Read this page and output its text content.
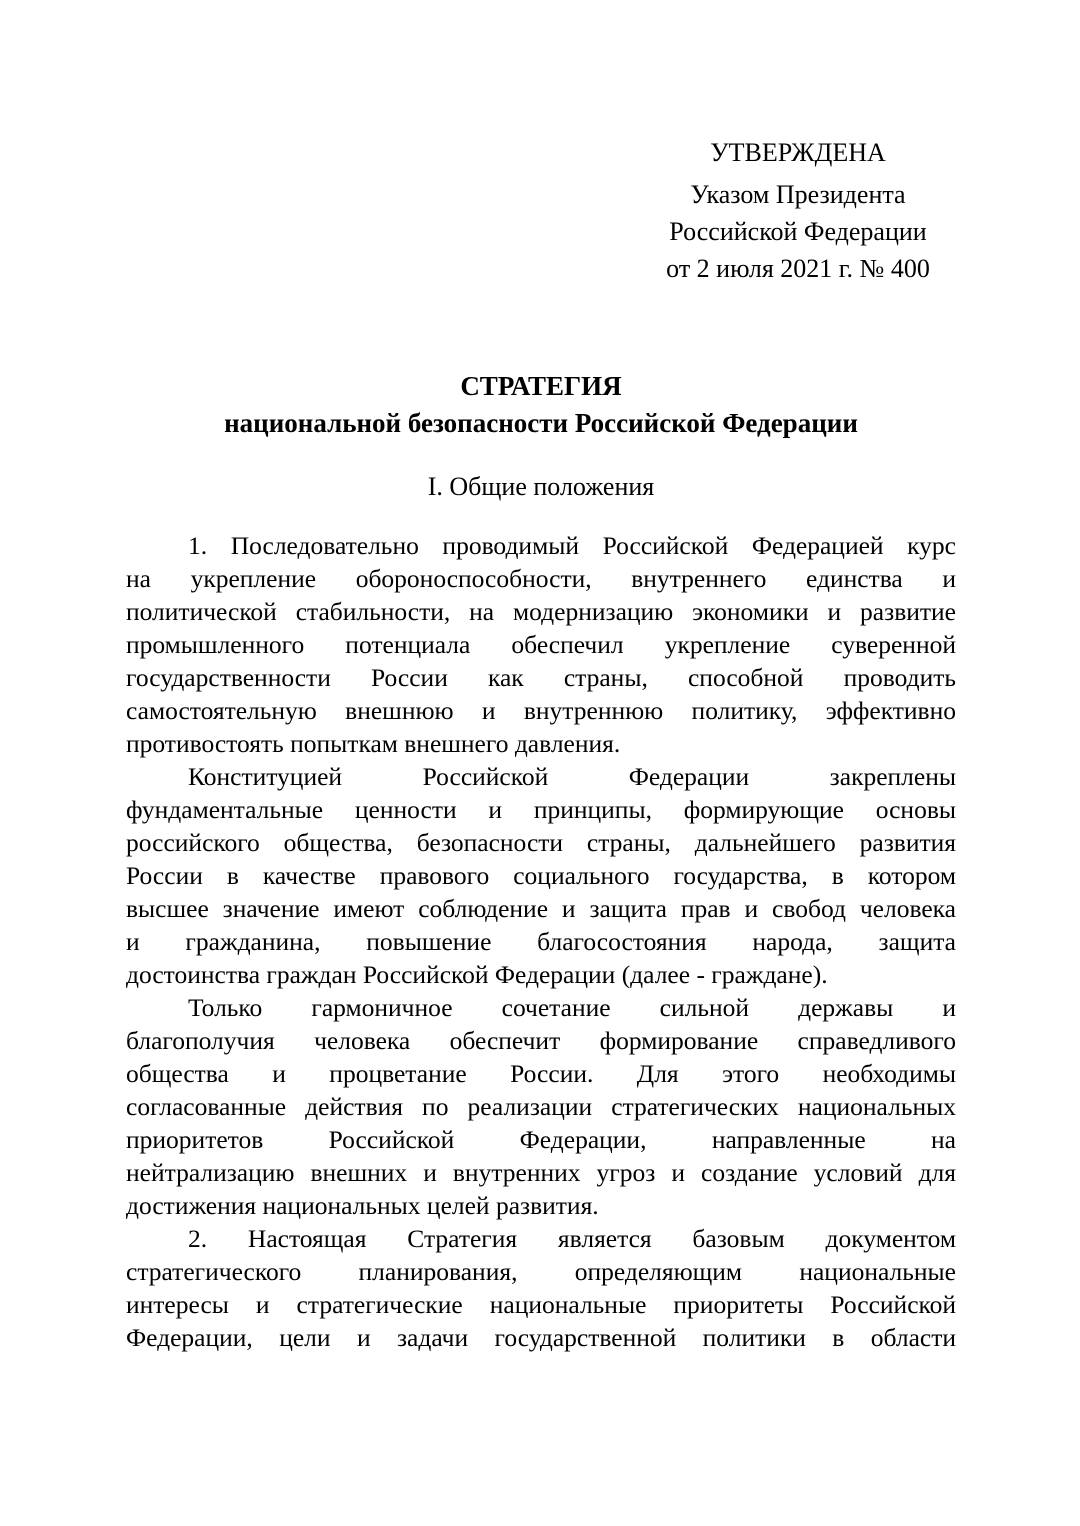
УТВЕРЖДЕНА
Указом Президента
Российской Федерации
от 2 июля 2021 г. № 400
СТРАТЕГИЯ
национальной безопасности Российской Федерации
I. Общие положения
1. Последовательно проводимый Российской Федерацией курс
на укрепление обороноспособности, внутреннего единства и
политической стабильности, на модернизацию экономики и развитие
промышленного потенциала обеспечил укрепление суверенной
государственности России как страны, способной проводить
самостоятельную внешнюю и внутреннюю политику, эффективно
противостоять попыткам внешнего давления.
Конституцией Российской Федерации закреплены
фундаментальные ценности и принципы, формирующие основы
российского общества, безопасности страны, дальнейшего развития
России в качестве правового социального государства, в котором
высшее значение имеют соблюдение и защита прав и свобод человека
и гражданина, повышение благосостояния народа, защита
достоинства граждан Российской Федерации (далее - граждане).
Только гармоничное сочетание сильной державы и
благополучия человека обеспечит формирование справедливого
общества и процветание России. Для этого необходимы
согласованные действия по реализации стратегических национальных
приоритетов Российской Федерации, направленные на
нейтрализацию внешних и внутренних угроз и создание условий для
достижения национальных целей развития.
2. Настоящая Стратегия является базовым документом
стратегического планирования, определяющим национальные
интересы и стратегические национальные приоритеты Российской
Федерации, цели и задачи государственной политики в области
